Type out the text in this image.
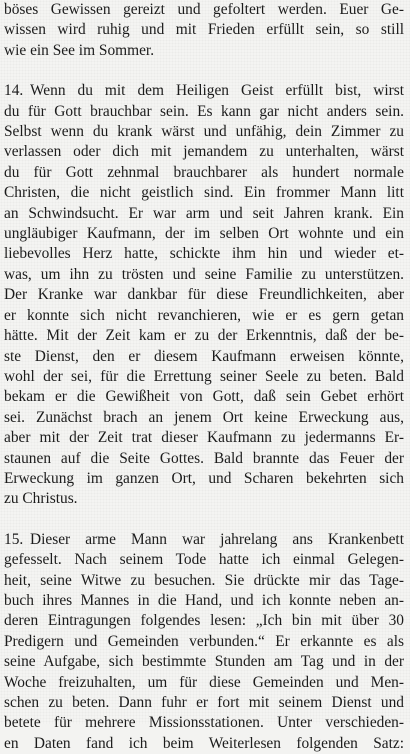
böses Gewissen gereizt und gefoltert werden. Euer Ge-
wissen wird ruhig und mit Frieden erfüllt sein, so still
wie ein See im Sommer.
14. Wenn du mit dem Heiligen Geist erfüllt bist, wirst
du für Gott brauchbar sein. Es kann gar nicht anders sein.
Selbst wenn du krank wärst und unfähig, dein Zimmer zu
verlassen oder dich mit jemandem zu unterhalten, wärst
du für Gott zehnmal brauchbarer als hundert normale
Christen, die nicht geistlich sind. Ein frommer Mann litt
an Schwindsucht. Er war arm und seit Jahren krank. Ein
ungläubiger Kaufmann, der im selben Ort wohnte und ein
liebevolles Herz hatte, schickte ihm hin und wieder et-
was, um ihn zu trösten und seine Familie zu unterstützen.
Der Kranke war dankbar für diese Freundlichkeiten, aber
er konnte sich nicht revanchieren, wie er es gern getan
hätte. Mit der Zeit kam er zu der Erkenntnis, daß der be-
ste Dienst, den er diesem Kaufmann erweisen könnte,
wohl der sei, für die Errettung seiner Seele zu beten. Bald
bekam er die Gewißheit von Gott, daß sein Gebet erhört
sei. Zunächst brach an jenem Ort keine Erweckung aus,
aber mit der Zeit trat dieser Kaufmann zu jedermanns Er-
staunen auf die Seite Gottes. Bald brannte das Feuer der
Erweckung im ganzen Ort, und Scharen bekehrten sich
zu Christus.
15. Dieser arme Mann war jahrelang ans Krankenbett
gefesselt. Nach seinem Tode hatte ich einmal Gelegen-
heit, seine Witwe zu besuchen. Sie drückte mir das Tage-
buch ihres Mannes in die Hand, und ich konnte neben an-
deren Eintragungen folgendes lesen: „Ich bin mit über 30
Predigern und Gemeinden verbunden.“ Er erkannte es als
seine Aufgabe, sich bestimmte Stunden am Tag und in der
Woche freizuhalten, um für diese Gemeinden und Men-
schen zu beten. Dann fuhr er fort mit seinem Dienst und
betete für mehrere Missionsstationen. Unter verschieden-
en Daten fand ich beim Weiterlesen folgenden Satz:
